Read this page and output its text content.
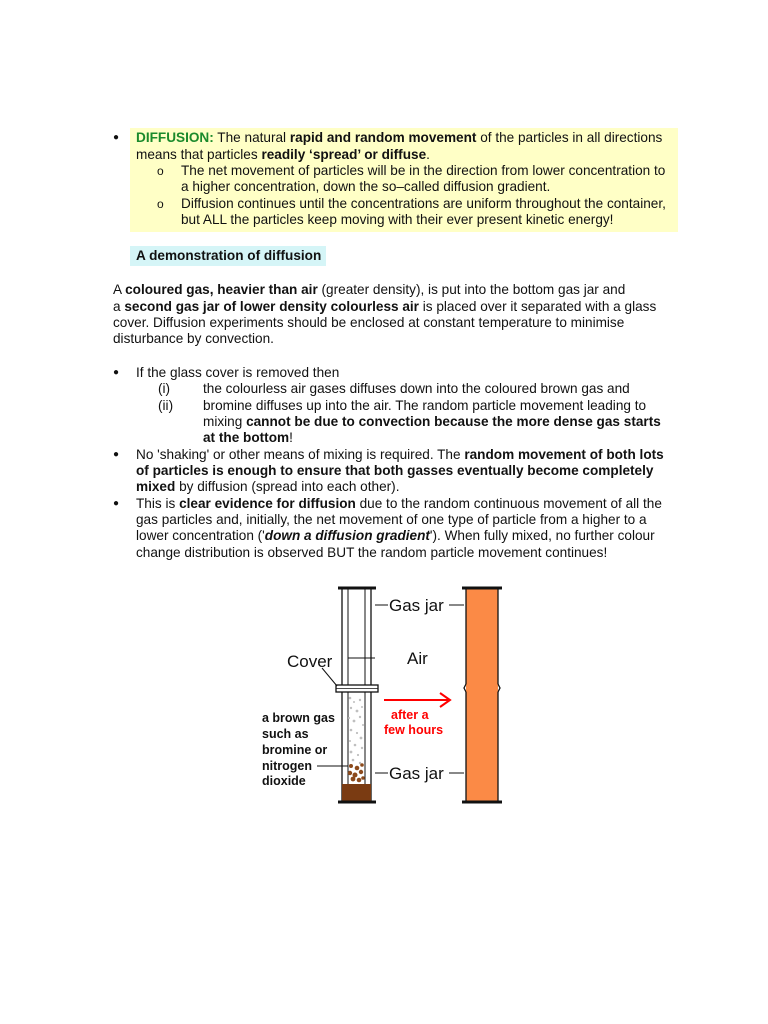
● DIFFUSION: The natural rapid and random movement of the particles in all directions
means that particles readily ‘spread’ or diffuse.
o The net movement of particles will be in the direction from lower concentration to
a higher concentration, down the so–called diffusion gradient.
o Diffusion continues until the concentrations are uniform throughout the container,
but ALL the particles keep moving with their ever present kinetic energy!
A demonstration of diffusion
A coloured gas, heavier than air (greater density), is put into the bottom gas jar and
a second gas jar of lower density colourless air is placed over it separated with a glass
cover. Diffusion experiments should be enclosed at constant temperature to minimise
disturbance by convection.
● If the glass cover is removed then
(i) the colourless air gases diffuses down into the coloured brown gas and
(ii) bromine diffuses up into the air. The random particle movement leading to
mixing cannot be due to convection because the more dense gas starts
at the bottom!
● No 'shaking' or other means of mixing is required. The random movement of both lots
of particles is enough to ensure that both gasses eventually become completely
mixed by diffusion (spread into each other).
● This is clear evidence for diffusion due to the random continuous movement of all the
gas particles and, initially, the net movement of one type of particle from a higher to a
lower concentration ('down a diffusion gradient'). When fully mixed, no further colour
change distribution is observed BUT the random particle movement continues!
Gas jar
Air
Cover
a brown gas
such as
bromine or
nitrogen
dioxide
after a
few hours
Gas jar
